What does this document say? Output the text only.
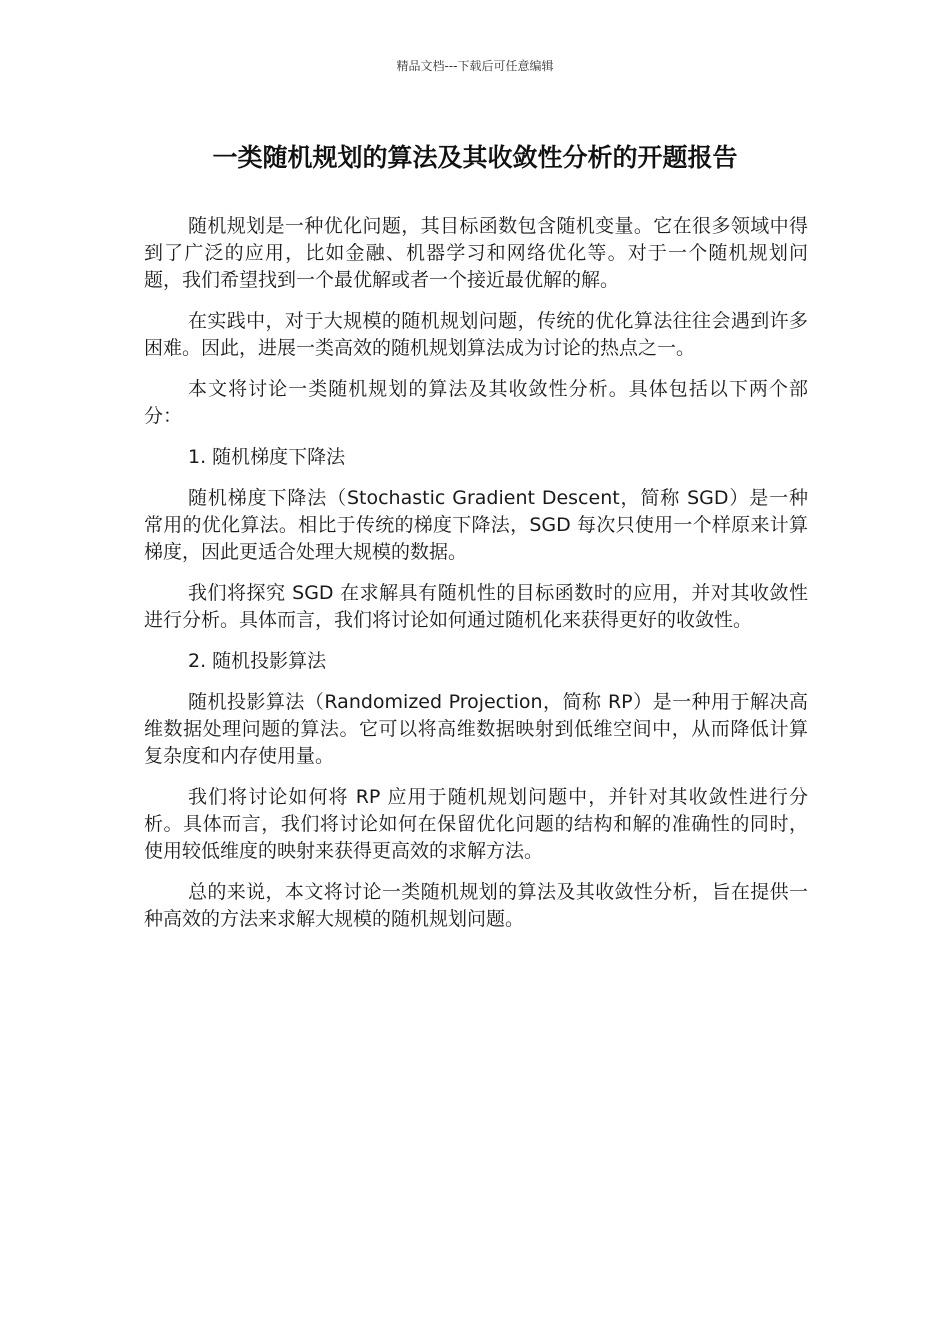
精品文档---下载后可任意编辑
一类随机规划的算法及其收敛性分析的开题报告

随机规划是一种优化问题，其目标函数包含随机变量。它在很多领域中得到了广泛的应用，比如金融、机器学习和网络优化等。对于一个随机规划问题，我们希望找到一个最优解或者一个接近最优解的解。

在实践中，对于大规模的随机规划问题，传统的优化算法往往会遇到许多困难。因此，进展一类高效的随机规划算法成为讨论的热点之一。

本文将讨论一类随机规划的算法及其收敛性分析。具体包括以下两个部分：

1. 随机梯度下降法

随机梯度下降法（Stochastic Gradient Descent，简称 SGD）是一种常用的优化算法。相比于传统的梯度下降法，SGD 每次只使用一个样原来计算梯度，因此更适合处理大规模的数据。

我们将探究 SGD 在求解具有随机性的目标函数时的应用，并对其收敛性进行分析。具体而言，我们将讨论如何通过随机化来获得更好的收敛性。

2. 随机投影算法

随机投影算法（Randomized Projection，简称 RP）是一种用于解决高维数据处理问题的算法。它可以将高维数据映射到低维空间中，从而降低计算复杂度和内存使用量。

我们将讨论如何将 RP 应用于随机规划问题中，并针对其收敛性进行分析。具体而言，我们将讨论如何在保留优化问题的结构和解的准确性的同时，使用较低维度的映射来获得更高效的求解方法。

总的来说，本文将讨论一类随机规划的算法及其收敛性分析，旨在提供一种高效的方法来求解大规模的随机规划问题。
